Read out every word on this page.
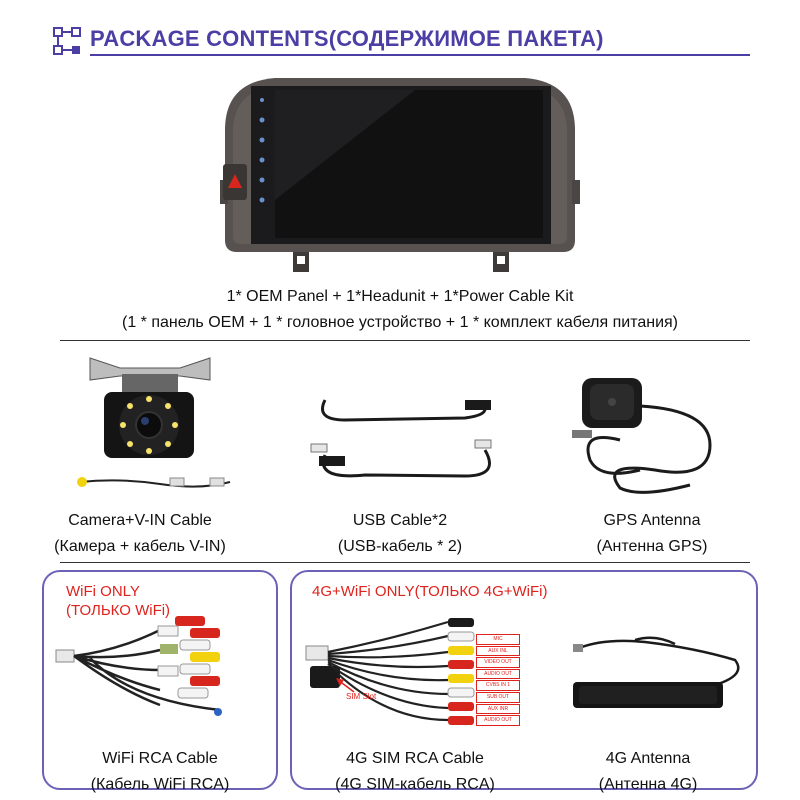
PACKAGE CONTENTS(СОДЕРЖИМОЕ ПАКЕТА)
1* OEM Panel + 1*Headunit + 1*Power Cable Kit
(1 * панель OEM + 1 * головное устройство + 1 * комплект кабеля питания)
Camera+V-IN Cable
(Камера + кабель V-IN)
USB Cable*2
(USB-кабель * 2)
GPS Antenna
(Антенна GPS)
WiFi ONLY
(ТОЛЬКО WiFi)
WiFi RCA Cable
(Кабель WiFi RCA)
4G+WiFi ONLY(ТОЛЬКО 4G+WiFi)
SIM Slot
MIC
AUX INL
VIDEO OUT
AUDIO OUT
CVBS IN 1
SUB OUT
AUX INR
AUDIO OUT
4G SIM RCA Cable
(4G SIM-кабель RCA)
4G Antenna
(Антенна 4G)
